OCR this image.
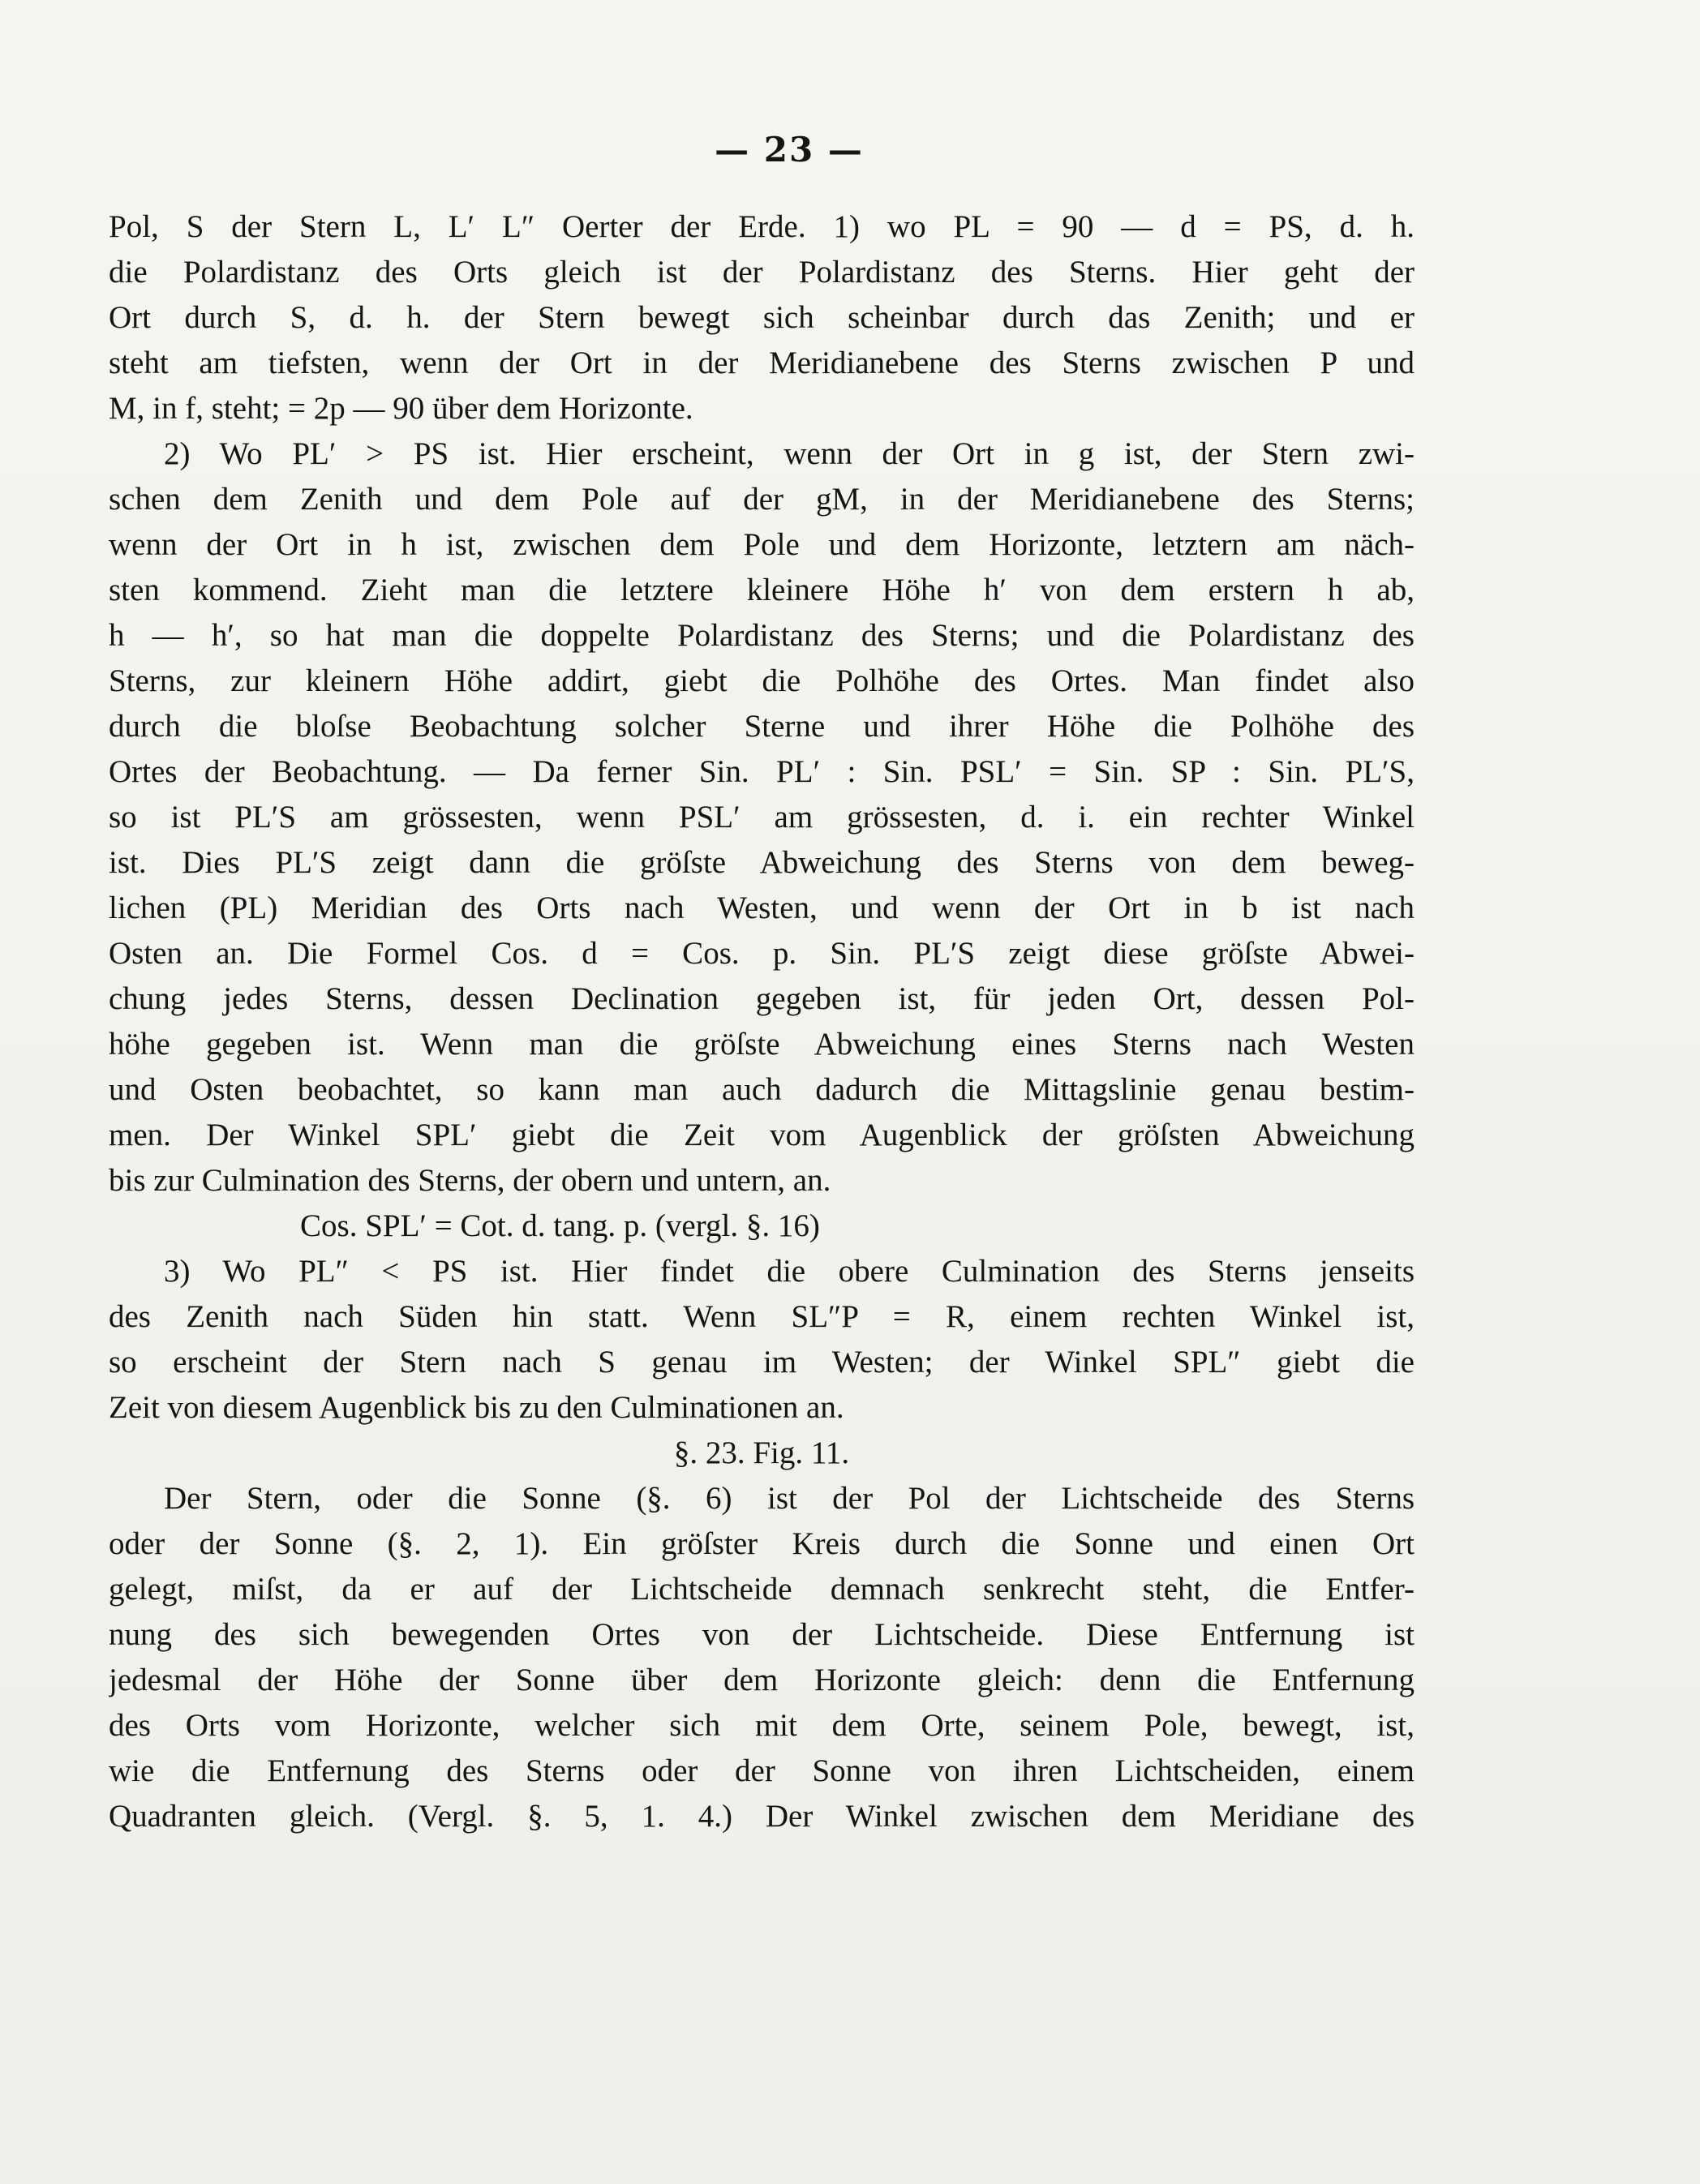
— 23 —
Pol, S der Stern L, L′ L″ Oerter der Erde. 1) wo PL = 90 — d = PS, d. h.
die Polardistanz des Orts gleich ist der Polardistanz des Sterns. Hier geht der
Ort durch S, d. h. der Stern bewegt sich scheinbar durch das Zenith; und er
steht am tiefsten, wenn der Ort in der Meridianebene des Sterns zwischen P und
M, in f, steht; = 2p — 90 über dem Horizonte.
2) Wo PL′ > PS ist. Hier erscheint, wenn der Ort in g ist, der Stern zwi-
schen dem Zenith und dem Pole auf der gM, in der Meridianebene des Sterns;
wenn der Ort in h ist, zwischen dem Pole und dem Horizonte, letztern am näch-
sten kommend. Zieht man die letztere kleinere Höhe h′ von dem erstern h ab,
h — h′, so hat man die doppelte Polardistanz des Sterns; und die Polardistanz des
Sterns, zur kleinern Höhe addirt, giebt die Polhöhe des Ortes. Man findet also
durch die bloſse Beobachtung solcher Sterne und ihrer Höhe die Polhöhe des
Ortes der Beobachtung. — Da ferner Sin. PL′ : Sin. PSL′ = Sin. SP : Sin. PL′S,
so ist PL′S am grössesten, wenn PSL′ am grössesten, d. i. ein rechter Winkel
ist. Dies PL′S zeigt dann die gröſste Abweichung des Sterns von dem beweg-
lichen (PL) Meridian des Orts nach Westen, und wenn der Ort in b ist nach
Osten an. Die Formel Cos. d = Cos. p. Sin. PL′S zeigt diese gröſste Abwei-
chung jedes Sterns, dessen Declination gegeben ist, für jeden Ort, dessen Pol-
höhe gegeben ist. Wenn man die gröſste Abweichung eines Sterns nach Westen
und Osten beobachtet, so kann man auch dadurch die Mittagslinie genau bestim-
men. Der Winkel SPL′ giebt die Zeit vom Augenblick der gröſsten Abweichung
bis zur Culmination des Sterns, der obern und untern, an.
Cos. SPL′ = Cot. d. tang. p. (vergl. §. 16)
3) Wo PL″ < PS ist. Hier findet die obere Culmination des Sterns jenseits
des Zenith nach Süden hin statt. Wenn SL″P = R, einem rechten Winkel ist,
so erscheint der Stern nach S genau im Westen; der Winkel SPL″ giebt die
Zeit von diesem Augenblick bis zu den Culminationen an.
§. 23. Fig. 11.
Der Stern, oder die Sonne (§. 6) ist der Pol der Lichtscheide des Sterns
oder der Sonne (§. 2, 1). Ein gröſster Kreis durch die Sonne und einen Ort
gelegt, miſst, da er auf der Lichtscheide demnach senkrecht steht, die Entfer-
nung des sich bewegenden Ortes von der Lichtscheide. Diese Entfernung ist
jedesmal der Höhe der Sonne über dem Horizonte gleich: denn die Entfernung
des Orts vom Horizonte, welcher sich mit dem Orte, seinem Pole, bewegt, ist,
wie die Entfernung des Sterns oder der Sonne von ihren Lichtscheiden, einem
Quadranten gleich. (Vergl. §. 5, 1. 4.) Der Winkel zwischen dem Meridiane des
